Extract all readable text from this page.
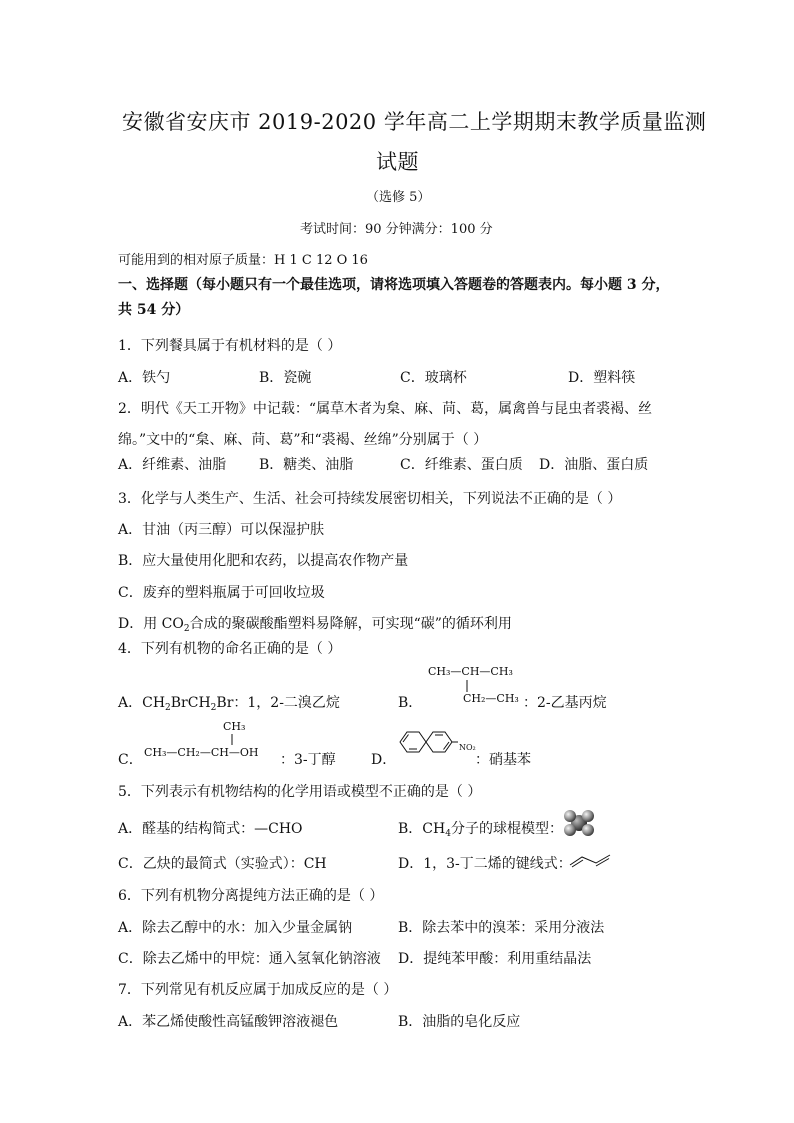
安徽省安庆市 2019-2020 学年高二上学期期末教学质量监测
试题
（选修 5）
考试时间：90 分钟满分：100 分
可能用到的相对原子质量：H 1 C 12 O 16
一、选择题（每小题只有一个最佳选项，请将选项填入答题卷的答题表内。每小题 3 分，
共 54 分）
1．下列餐具属于有机材料的是（ ）
A．铁勺	B．瓷碗	C．玻璃杯	D．塑料筷
2．明代《天工开物》中记载：“属草木者为枲、麻、苘、葛，属禽兽与昆虫者裘褐、丝
绵。”文中的“枲、麻、苘、葛”和“裘褐、丝绵”分别属于（ ）
A．纤维素、油脂 B．糖类、油脂	C．纤维素、蛋白质 D．油脂、蛋白质
3．化学与人类生产、生活、社会可持续发展密切相关，下列说法不正确的是（ ）
A．甘油（丙三醇）可以保湿护肤
B．应大量使用化肥和农药，以提高农作物产量
C．废弃的塑料瓶属于可回收垃圾
D．用 $CO_2$合成的聚碳酸酯塑料易降解，可实现“碳”的循环利用
4．下列有机物的命名正确的是（ ）
A．$CH_2BrCH_2Br$：1，2-二溴乙烷	B．
CH₃—CH—CH₃
CH₂—CH₃ ：2-乙基丙烷
C．
CH₃
CH₃—CH₂—CH—OH ：3-丁醇	D．
NO₂
：硝基苯
5．下列表示有机物结构的化学用语或模型不正确的是（ ）
A．醛基的结构简式：—CHO	B．$CH_4$分子的球棍模型：
C．乙炔的最简式（实验式）：CH	D．1，3-丁二烯的键线式：
6．下列有机物分离提纯方法正确的是（ ）
A．除去乙醇中的水：加入少量金属钠	B．除去苯中的溴苯：采用分液法
C．除去乙烯中的甲烷：通入氢氧化钠溶液 D．提纯苯甲酸：利用重结晶法
7．下列常见有机反应属于加成反应的是（ ）
A．苯乙烯使酸性高锰酸钾溶液褪色	B．油脂的皂化反应
